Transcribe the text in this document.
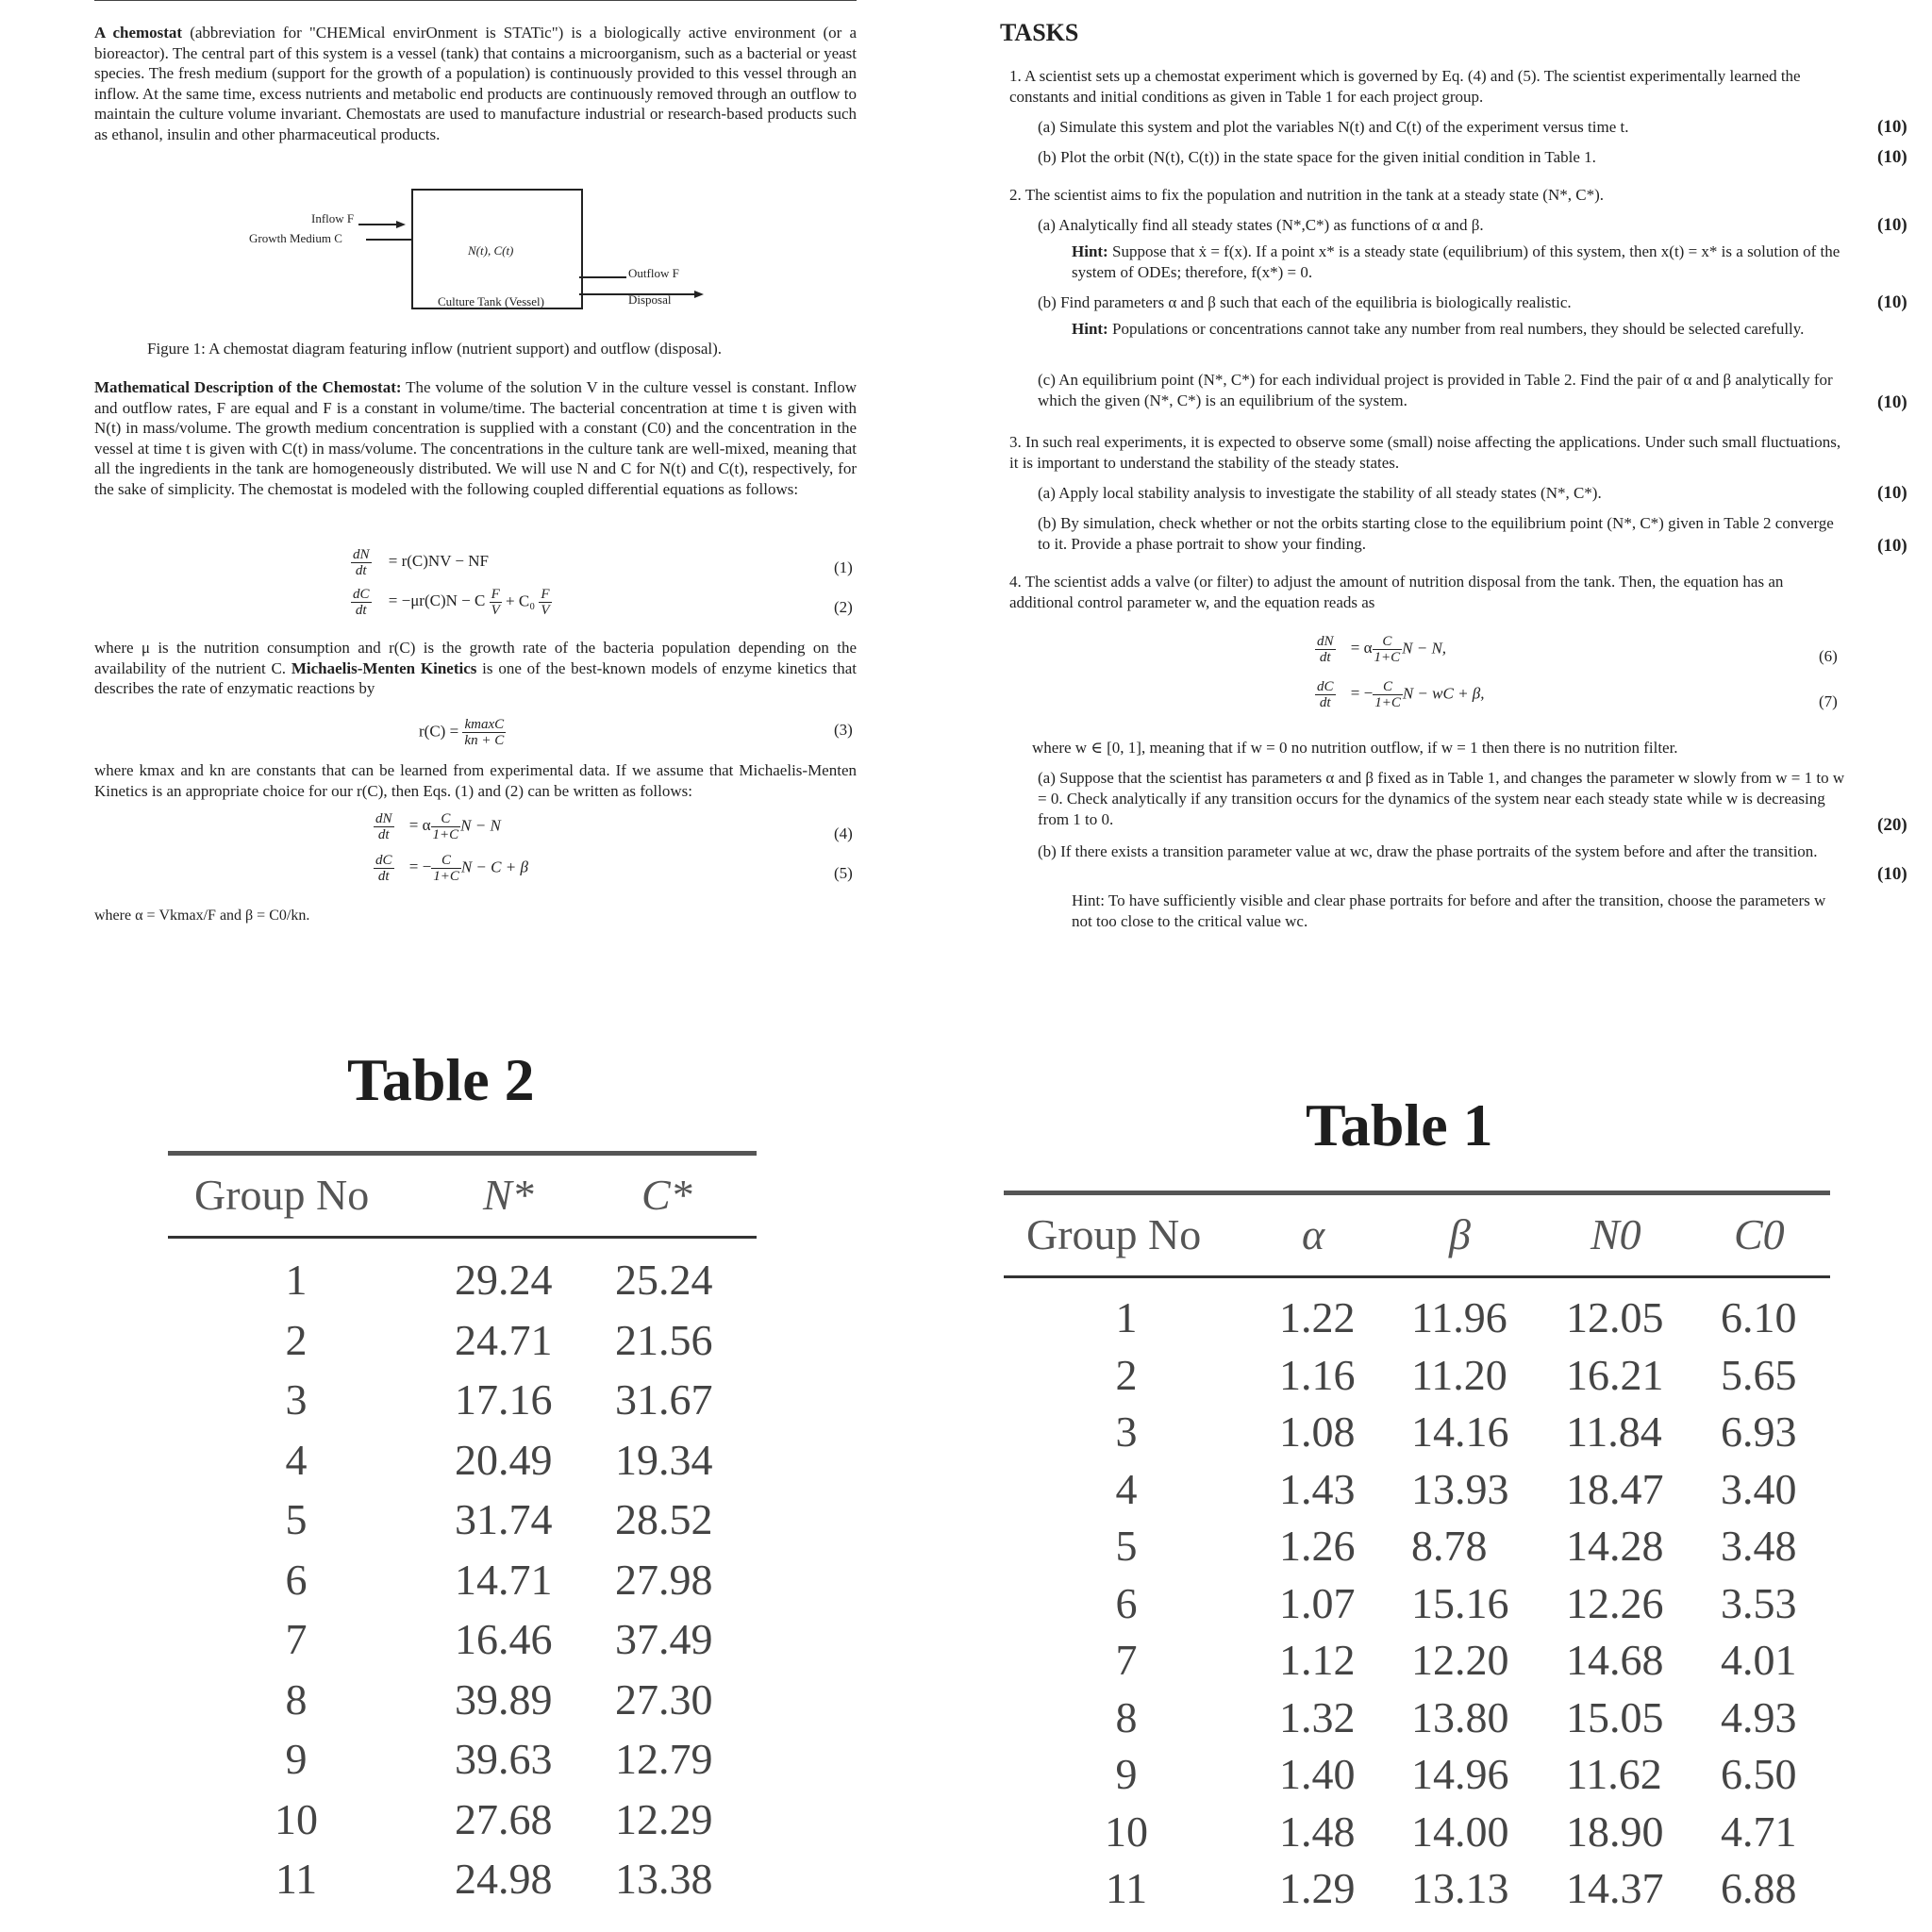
A chemostat (abbreviation for "CHEMical envirOnment is STATic") is a biologically active environment (or a bioreactor). The central part of this system is a vessel (tank) that contains a microorganism, such as a bacterial or yeast species. The fresh medium (support for the growth of a population) is continuously provided to this vessel through an inflow. At the same time, excess nutrients and metabolic end products are continuously removed through an outflow to maintain the culture volume invariant. Chemostats are used to manufacture industrial or research-based products such as ethanol, insulin and other pharmaceutical products.

Inflow F
Growth Medium C
N(t), C(t)
Culture Tank (Vessel)
Outflow F
Disposal
Figure 1: A chemostat diagram featuring inflow (nutrient support) and outflow (disposal).

Mathematical Description of the Chemostat: The volume of the solution V in the culture vessel is constant. Inflow and outflow rates, F are equal and F is a constant in volume/time. The bacterial concentration at time t is given with N(t) in mass/volume. The growth medium concentration is supplied with a constant (C0) and the concentration in the vessel at time t is given with C(t) in mass/volume. The concentrations in the culture tank are well-mixed, meaning that all the ingredients in the tank are homogeneously distributed. We will use N and C for N(t) and C(t), respectively, for the sake of simplicity. The chemostat is modeled with the following coupled differential equations as follows:

$\frac{dN}{dt} = r(C)NV$ − NF	(1)
$\frac{dC}{dt} = -\mu r(C)N - C \frac{F}{V} + C_0 \frac{F}{V}$	(2)

where μ is the nutrition consumption and r(C) is the growth rate of the bacteria population depending on the availability of the nutrient C. Michaelis-Menten Kinetics is one of the best-known models of enzyme kinetics that describes the rate of enzymatic reactions by

$r(C) = \frac{kmaxC}{kn + C}$	(3)

where kmax and kn are constants that can be learned from experimental data. If we assume that Michaelis-Menten Kinetics is an appropriate choice for our r(C), then Eqs. (1) and (2) can be written as follows:

$\frac{dN}{dt} = \alpha \frac{C}{1+C}$ N − N	(4)
$\frac{dC}{dt}$ = − $\frac{C}{1+C}$ N − C + β	(5)
where α = Vkmax/F and β = C0/kn.
TASKS
1. A scientist sets up a chemostat experiment which is governed by Eq. (4) and (5). The scientist experimentally learned the constants and initial conditions as given in Table 1 for each project group.
(a) Simulate this system and plot the variables N(t) and C(t) of the experiment versus time t.	(10)
(b) Plot the orbit (N(t), C(t)) in the state space for the given initial condition in Table 1.	(10)
2. The scientist aims to fix the population and nutrition in the tank at a steady state (N*, C*).
(a) Analytically find all steady states (N*,C*) as functions of α and β.	(10)
Hint: Suppose that ẋ = f(x). If a point x* is a steady state (equilibrium) of this system, then x(t) = x* is a solution of the system of ODEs; therefore, f(x*) = 0.
(b) Find parameters α and β such that each of the equilibria is biologically realistic.	(10)
Hint: Populations or concentrations cannot take any number from real numbers, they should be selected carefully.
(c) An equilibrium point (N*, C*) for each individual project is provided in Table 2. Find the pair of α and β analytically for which the given (N*, C*) is an equilibrium of the system.	(10)
3. In such real experiments, it is expected to observe some (small) noise affecting the applications. Under such small fluctuations, it is important to understand the stability of the steady states.
(a) Apply local stability analysis to investigate the stability of all steady states (N*, C*).	(10)
(b) By simulation, check whether or not the orbits starting close to the equilibrium point (N*, C*) given in Table 2 converge to it. Provide a phase portrait to show your finding.	(10)
4. The scientist adds a valve (or filter) to adjust the amount of nutrition disposal from the tank. Then, the equation has an additional control parameter w, and the equation reads as
$\frac{dN}{dt} = \alpha \frac{C}{1+C}$ N − N,	(6)
$\frac{dC}{dt}$ = − $\frac{C}{1+C}$ N − wC + β,	(7)
where w ∈ [0, 1], meaning that if w = 0 no nutrition outflow, if w = 1 then there is no nutrition filter.
(a) Suppose that the scientist has parameters α and β fixed as in Table 1, and changes the parameter w slowly from w = 1 to w = 0. Check analytically if any transition occurs for the dynamics of the system near each steady state while w is decreasing from 1 to 0.	(20)
(b) If there exists a transition parameter value at wc, draw the phase portraits of the system before and after the transition.
(10)
Hint: To have sufficiently visible and clear phase portraits for before and after the transition, choose the parameters w not too close to the critical value wc.
Table 2
Group No	N* C*
1	29.24 25.24
2	24.71 21.56
3	17.16 31.67
4	20.49 19.34
5	31.74 28.52
6	14.71 27.98
7	16.46 37.49
8	39.89 27.30
9	39.63 12.79
10	27.68 12.29
11	24.98 13.38
Table 1
Group No α	β	N0 C0
1	1.22 11.96 12.05 6.10
2	1.16 11.20 16.21 5.65
3	1.08 14.16 11.84 6.93
4	1.43 13.93 18.47 3.40
5	1.26 8.78 14.28 3.48
6	1.07 15.16 12.26 3.53
7	1.12 12.20 14.68 4.01
8	1.32 13.80 15.05 4.93
9	1.40 14.96 11.62 6.50
10	1.48 14.00 18.90 4.71
11	1.29 13.13 14.37 6.88
